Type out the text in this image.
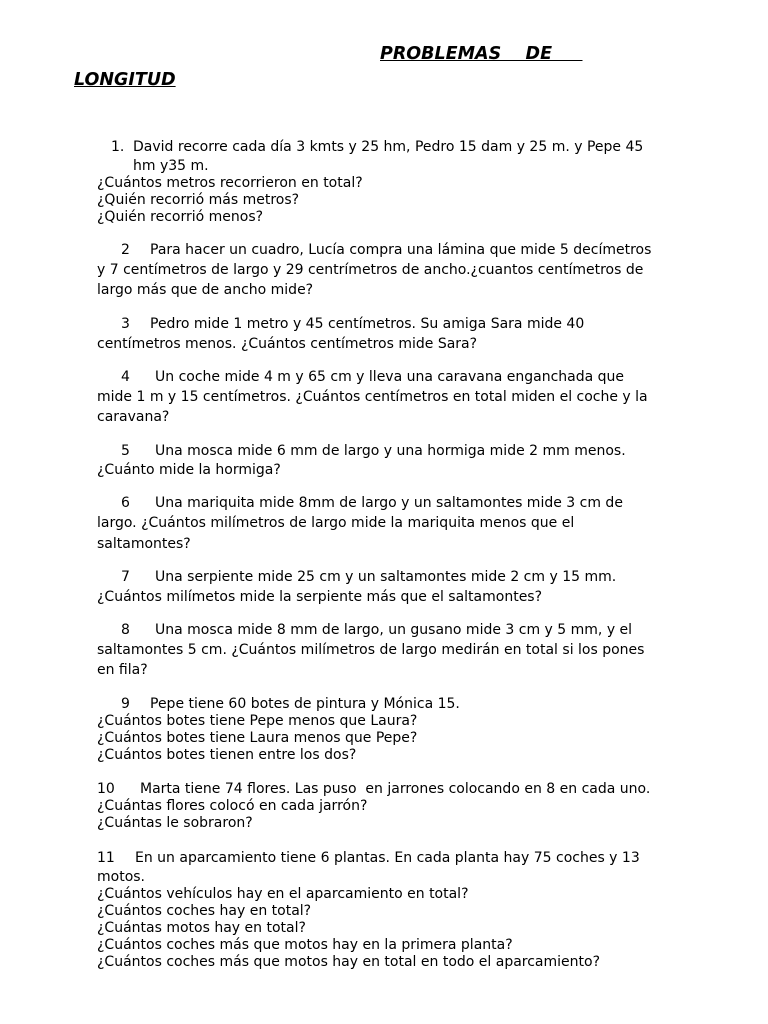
PROBLEMAS    DE
LONGITUD
1. David recorre cada día 3 kmts y 25 hm, Pedro 15 dam y 25 m. y Pepe 45
hm y35 m.
¿Cuántos metros recorrieron en total?
¿Quién recorrió más metros?
¿Quién recorrió menos?
2 Para hacer un cuadro, Lucía compra una lámina que mide 5 decímetros
y 7 centímetros de largo y 29 centrímetros de ancho.¿cuantos centímetros de
largo más que de ancho mide?
3 Pedro mide 1 metro y 45 centímetros. Su amiga Sara mide 40
centímetros menos. ¿Cuántos centímetros mide Sara?
4 Un coche mide 4 m y 65 cm y lleva una caravana enganchada que
mide 1 m y 15 centímetros. ¿Cuántos centímetros en total miden el coche y la
caravana?
5 Una mosca mide 6 mm de largo y una hormiga mide 2 mm menos.
¿Cuánto mide la hormiga?
6 Una mariquita mide 8mm de largo y un saltamontes mide 3 cm de
largo. ¿Cuántos milímetros de largo mide la mariquita menos que el
saltamontes?
7 Una serpiente mide 25 cm y un saltamontes mide 2 cm y 15 mm.
¿Cuántos milímetos mide la serpiente más que el saltamontes?
8 Una mosca mide 8 mm de largo, un gusano mide 3 cm y 5 mm, y el
saltamontes 5 cm. ¿Cuántos milímetros de largo medirán en total si los pones
en fila?
9 Pepe tiene 60 botes de pintura y Mónica 15.
¿Cuántos botes tiene Pepe menos que Laura?
¿Cuántos botes tiene Laura menos que Pepe?
¿Cuántos botes tienen entre los dos?
10 Marta tiene 74 flores. Las puso  en jarrones colocando en 8 en cada uno.
¿Cuántas flores colocó en cada jarrón?
¿Cuántas le sobraron?
11 En un aparcamiento tiene 6 plantas. En cada planta hay 75 coches y 13
motos.
¿Cuántos vehículos hay en el aparcamiento en total?
¿Cuántos coches hay en total?
¿Cuántas motos hay en total?
¿Cuántos coches más que motos hay en la primera planta?
¿Cuántos coches más que motos hay en total en todo el aparcamiento?
